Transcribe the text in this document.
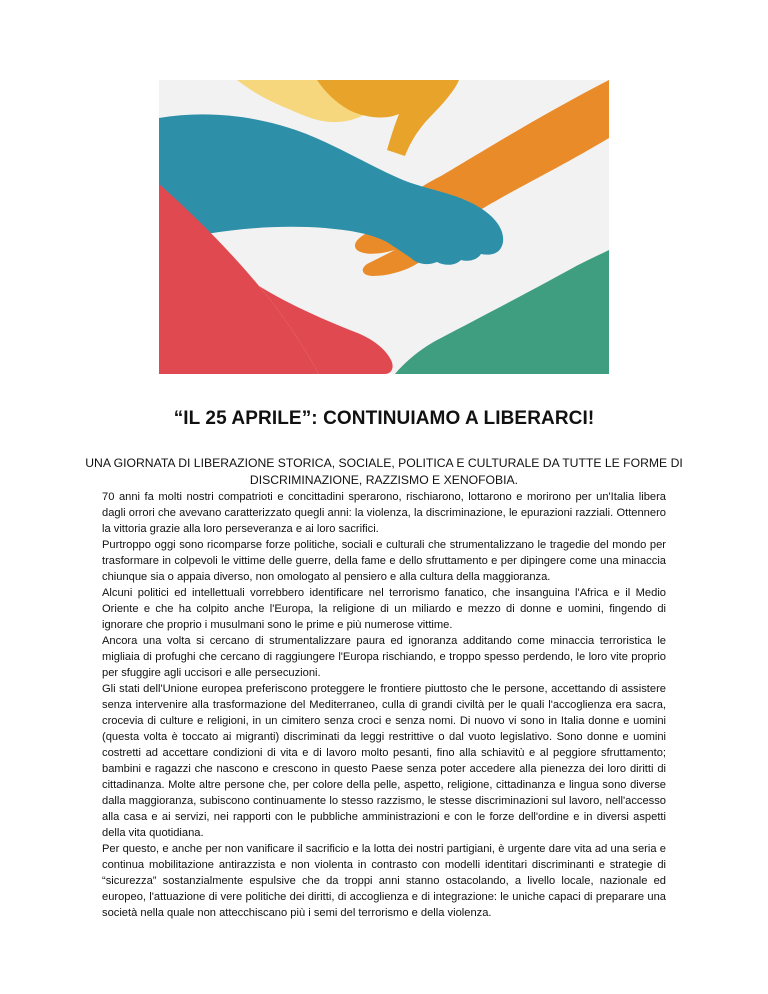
“IL 25 APRILE”: CONTINUIAMO A LIBERARCI!

UNA GIORNATA DI LIBERAZIONE STORICA, SOCIALE, POLITICA E CULTURALE DA TUTTE LE FORME DI DISCRIMINAZIONE, RAZZISMO E XENOFOBIA.

70 anni fa molti nostri compatrioti e concittadini sperarono, rischiarono, lottarono e morirono per un'Italia libera dagli orrori che avevano caratterizzato quegli anni: la violenza, la discriminazione, le epurazioni razziali. Ottennero la vittoria grazie alla loro perseveranza e ai loro sacrifici.

Purtroppo oggi sono ricomparse forze politiche, sociali e culturali che strumentalizzano le tragedie del mondo per trasformare in colpevoli le vittime delle guerre, della fame e dello sfruttamento e per dipingere come una minaccia chiunque sia o appaia diverso, non omologato al pensiero e alla cultura della maggioranza.

Alcuni politici ed intellettuali vorrebbero identificare nel terrorismo fanatico, che insanguina l'Africa e il Medio Oriente e che ha colpito anche l'Europa, la religione di un miliardo e mezzo di donne e uomini, fingendo di ignorare che proprio i musulmani sono le prime e più numerose vittime.

Ancora una volta si cercano di strumentalizzare paura ed ignoranza additando come minaccia terroristica le migliaia di profughi che cercano di raggiungere l'Europa rischiando, e troppo spesso perdendo, le loro vite proprio per sfuggire agli uccisori e alle persecuzioni.

Gli stati dell'Unione europea preferiscono proteggere le frontiere piuttosto che le persone, accettando di assistere senza intervenire alla trasformazione del Mediterraneo, culla di grandi civiltà per le quali l'accoglienza era sacra, crocevia di culture e religioni, in un cimitero senza croci e senza nomi. Di nuovo vi sono in Italia donne e uomini (questa volta è toccato ai migranti) discriminati da leggi restrittive o dal vuoto legislativo. Sono donne e uomini costretti ad accettare condizioni di vita e di lavoro molto pesanti, fino alla schiavitù e al peggiore sfruttamento; bambini e ragazzi che nascono e crescono in questo Paese senza poter accedere alla pienezza dei loro diritti di cittadinanza. Molte altre persone che, per colore della pelle, aspetto, religione, cittadinanza e lingua sono diverse dalla maggioranza, subiscono continuamente lo stesso razzismo, le stesse discriminazioni sul lavoro, nell'accesso alla casa e ai servizi, nei rapporti con le pubbliche amministrazioni e con le forze dell'ordine e in diversi aspetti della vita quotidiana.

Per questo, e anche per non vanificare il sacrificio e la lotta dei nostri partigiani, è urgente dare vita ad una seria e continua mobilitazione antirazzista e non violenta in contrasto con modelli identitari discriminanti e strategie di “sicurezza” sostanzialmente espulsive che da troppi anni stanno ostacolando, a livello locale, nazionale ed europeo, l'attuazione di vere politiche dei diritti, di accoglienza e di integrazione: le uniche capaci di preparare una società nella quale non attecchiscano più i semi del terrorismo e della violenza.
